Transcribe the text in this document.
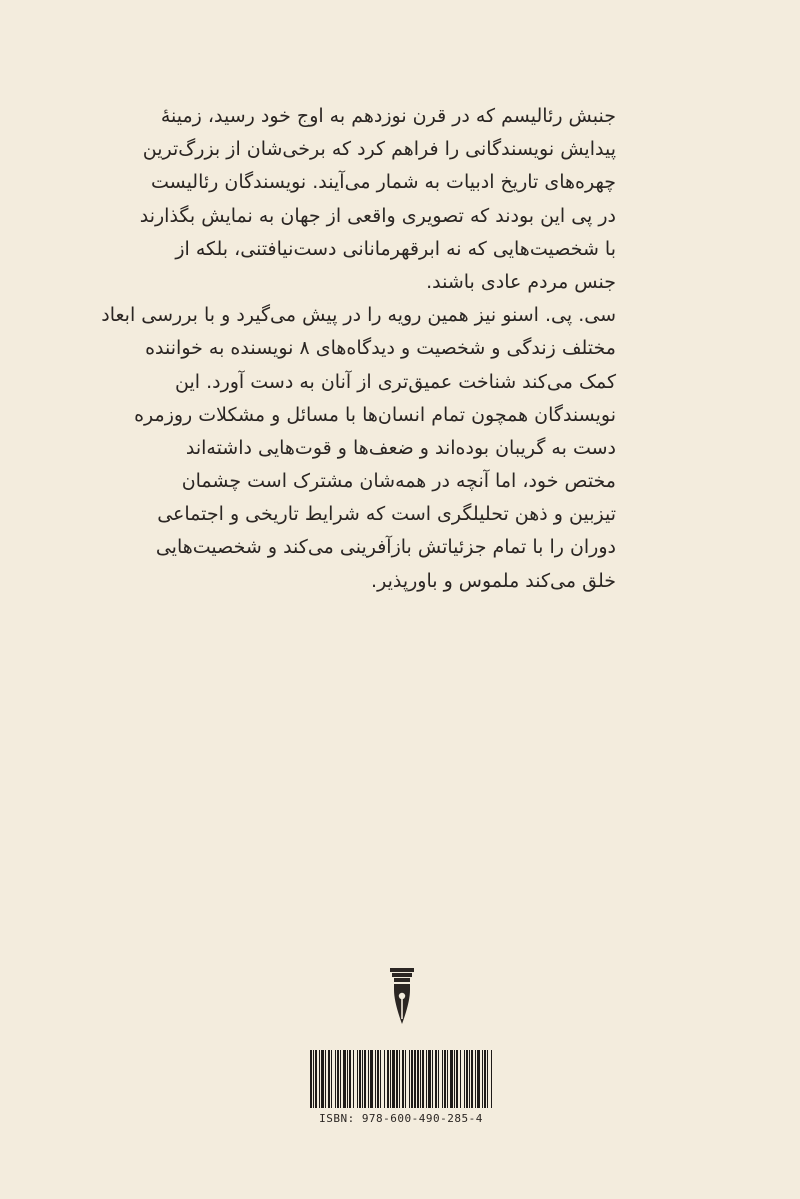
جنبش رئالیسم که در قرن نوزدهم به اوج خود رسید، زمینهٔ
پیدایش نویسندگانی را فراهم کرد که برخی‌شان از بزرگ‌ترین
چهره‌های تاریخ ادبیات به شمار می‌آیند. نویسندگان رئالیست
در پی این بودند که تصویری واقعی از جهان به نمایش بگذارند
با شخصیت‌هایی که نه ابرقهرمانانی دست‌نیافتنی، بلکه از
جنس مردم عادی باشند.
سی. پی. اسنو نیز همین رویه را در پیش می‌گیرد و با بررسی ابعاد
مختلف زندگی و شخصیت و دیدگاه‌های ۸ نویسنده به خواننده
کمک می‌کند شناخت عمیق‌تری از آنان به دست آورد. این
نویسندگان همچون تمام انسان‌ها با مسائل و مشکلات روزمره
دست به گریبان بوده‌اند و ضعف‌ها و قوت‌هایی داشته‌اند
مختص خود، اما آنچه در همه‌شان مشترک است چشمان
تیزبین و ذهن تحلیلگری است که شرایط تاریخی و اجتماعی
دوران را با تمام جزئیاتش بازآفرینی می‌کند و شخصیت‌هایی
خلق می‌کند ملموس و باورپذیر.
ISBN: 978-600-490-285-4
